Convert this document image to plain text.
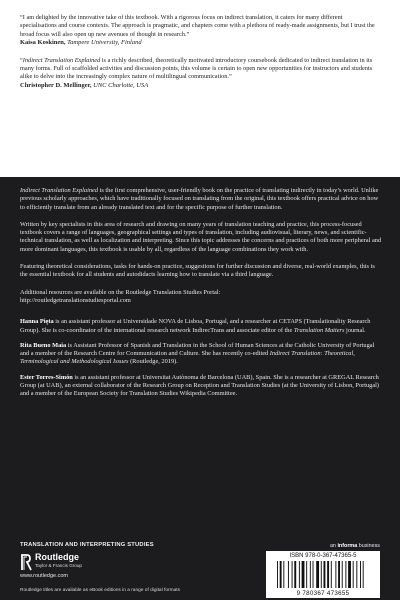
“I am delighted by the innovative take of this textbook. With a rigorous focus on indirect translation, it caters for many different specialisations and course contexts. The approach is pragmatic, and chapters come with a plethora of ready-made assignments, but I trust the broad focus will also open up new avenues of thought in research.”

Kaisa Koskinen, Tampere University, Finland

“Indirect Translation Explained is a richly described, theoretically motivated introductory coursebook dedicated to indirect translation in its many forms. Full of scaffolded activities and discussion points, this volume is certain to open new opportunities for instructors and students alike to delve into the increasingly complex nature of multilingual communication.”

Christopher D. Mellinger, UNC Charlotte, USA

Indirect Translation Explained is the first comprehensive, user-friendly book on the practice of translating indirectly in today’s world. Unlike previous scholarly approaches, which have traditionally focused on translating from the original, this textbook offers practical advice on how to efficiently translate from an already translated text and for the specific purpose of further translation.

Written by key specialists in this area of research and drawing on many years of translation teaching and practice, this process-focused textbook covers a range of languages, geographical settings and types of translation, including audiovisual, literary, news, and scientific-technical translation, as well as localization and interpreting. Since this topic addresses the concerns and practices of both more peripheral and more dominant languages, this textbook is usable by all, regardless of the language combinations they work with.

Featuring theoretical considerations, tasks for hands-on practice, suggestions for further discussion and diverse, real-world examples, this is the essential textbook for all students and autodidacts learning how to translate via a third language.

Additional resources are available on the Routledge Translation Studies Portal:

http://routledgetranslationstudiesportal.com

Hanna Pięta is an assistant professor at Universidade NOVA de Lisboa, Portugal, and a researcher at CETAPS (Translationality Research Group). She is co-coordinator of the international research network IndirecTrans and associate editor of the Translation Matters journal.

Rita Bueno Maia is Assistant Professor of Spanish and Translation in the School of Human Sciences at the Catholic University of Portugal and a member of the Research Centre for Communication and Culture. She has recently co-edited Indirect Translation: Theoretical, Terminological and Methodological Issues (Routledge, 2019).

Ester Torres-Simón is an assistant professor at Universitat Autònoma de Barcelona (UAB), Spain. She is a researcher at GREGAL Research Group (at UAB), an external collaborator of the Research Group on Reception and Translation Studies (at the University of Lisbon, Portugal) and a member of the European Society for Translation Studies Wikipedia Committee.

TRANSLATION AND INTERPRETING STUDIES	an informa business
Routledge
Taylor & Francis Group
www.routledge.com
Routledge titles are available as eBook editions in a range of digital formats
ISBN 978-0-367-47365-5
9 780367 473655
